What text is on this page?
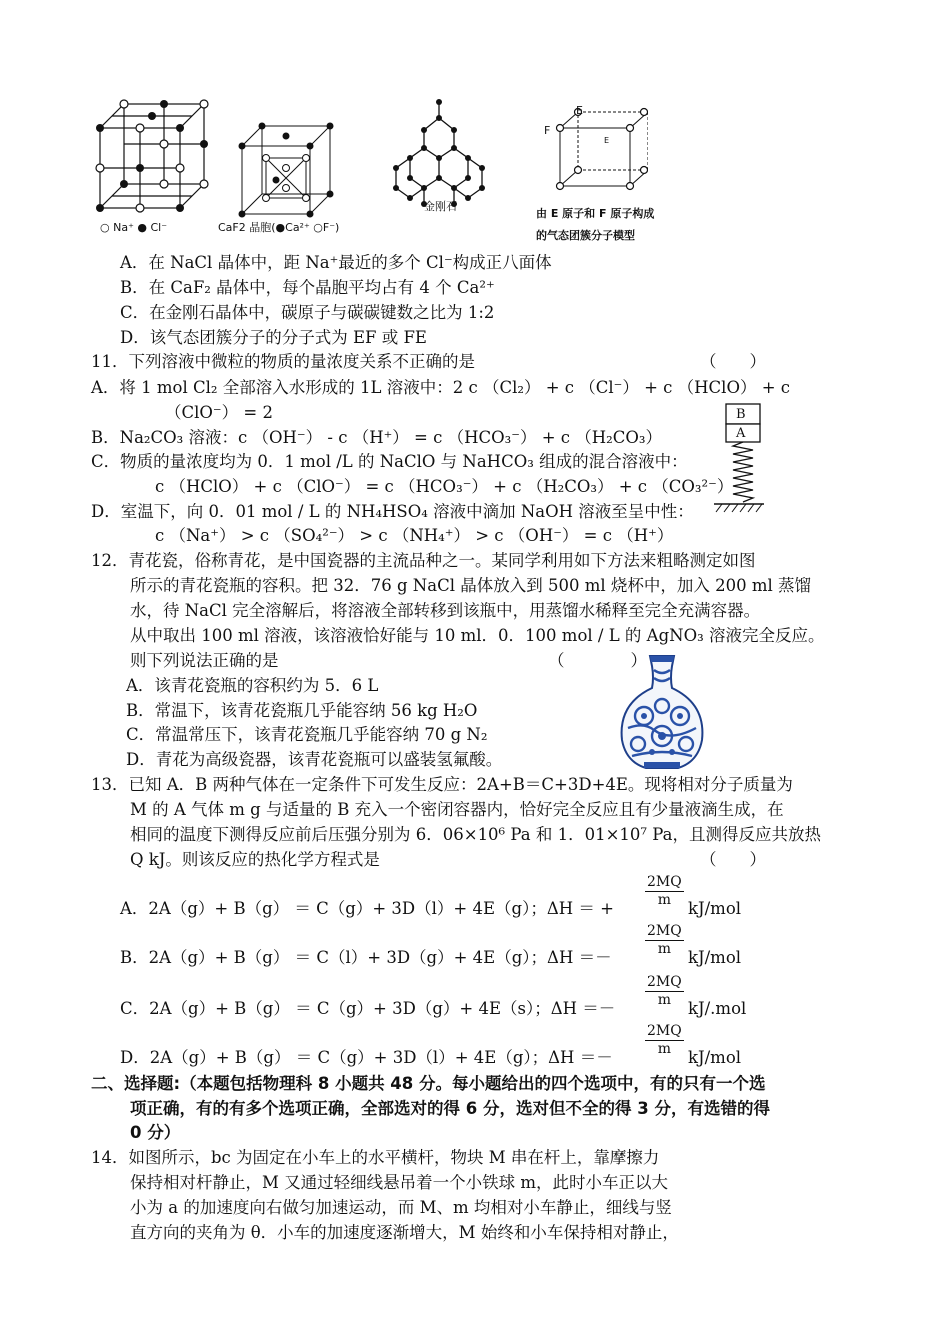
○ Na⁺ ● Cl⁻	CaF2 晶胞(●Ca²⁺ ○F⁻)
金刚石
E
F
E
由 E 原子和 F 原子构成
的气态团簇分子模型
A．在 NaCl 晶体中，距 Na⁺最近的多个 Cl⁻构成正八面体
B．在 CaF₂ 晶体中，每个晶胞平均占有 4 个 Ca²⁺
C．在金刚石晶体中，碳原子与碳碳键数之比为 1:2
D．该气态团簇分子的分子式为 EF 或 FE
11．下列溶液中微粒的物质的量浓度关系不正确的是	（　　）
A．将 1 mol Cl₂ 全部溶入水形成的 1L 溶液中：2 c （Cl₂） + c （Cl⁻） + c （HClO） + c
（ClO⁻） = 2
B．Na₂CO₃ 溶液：c （OH⁻） - c （H⁺） = c （HCO₃⁻） + c （H₂CO₃）
C．物质的量浓度均为 0．1 mol /L 的 NaClO 与 NaHCO₃ 组成的混合溶液中：
c （HClO） + c （ClO⁻） = c （HCO₃⁻） + c （H₂CO₃） + c （CO₃²⁻）
D．室温下，向 0．01 mol / L 的 NH₄HSO₄ 溶液中滴加 NaOH 溶液至呈中性：
c （Na⁺） > c （SO₄²⁻） > c （NH₄⁺） > c （OH⁻） = c （H⁺）
B
A
12．青花瓷，俗称青花，是中国瓷器的主流品种之一。某同学利用如下方法来粗略测定如图
所示的青花瓷瓶的容积。把 32．76 g NaCl 晶体放入到 500 ml 烧杯中，加入 200 ml 蒸馏
水，待 NaCl 完全溶解后，将溶液全部转移到该瓶中，用蒸馏水稀释至完全充满容器。
从中取出 100 ml 溶液，该溶液恰好能与 10 ml．0．100 mol / L 的 AgNO₃ 溶液完全反应。
则下列说法正确的是	（　　　　）
A．该青花瓷瓶的容积约为 5．6 L
B．常温下，该青花瓷瓶几乎能容纳 56 kg H₂O
C．常温常压下，该青花瓷瓶几乎能容纳 70 g N₂
D．青花为高级瓷器，该青花瓷瓶可以盛装氢氟酸。
13．已知 A．B 两种气体在一定条件下可发生反应：2A+B＝C+3D+4E。现将相对分子质量为
M 的 A 气体 m g 与适量的 B 充入一个密闭容器内，恰好完全反应且有少量液滴生成，在
相同的温度下测得反应前后压强分别为 6．06×10⁶ Pa 和 1．01×10⁷ Pa，且测得反应共放热
Q kJ。则该反应的热化学方程式是	（　　）
A．2A（g）+ B（g） ＝ C（g）+ 3D（l）+ 4E（g）；ΔH ＝ + $\frac{2MQ}{m} kJ/mol$
B．2A（g）+ B（g） ＝ C（l）+ 3D（g）+ 4E（g）；$\Delta H =- \frac{2MQ}{m} kJ/mol$
C．2A（g）+ B（g） ＝ C（g）+ 3D（g）+ 4E（s）；$\Delta H =- \frac{2MQ}{m} kJ/.mol$
D．2A（g）+ B（g） ＝ C（g）+ 3D（l）+ 4E（g）；$\Delta H =- \frac{2MQ}{m} kJ/mol$
二、选择题:（本题包括物理科 8 小题共 48 分。每小题给出的四个选项中，有的只有一个选
项正确，有的有多个选项正确，全部选对的得 6 分，选对但不全的得 3 分，有选错的得
0 分）
14．如图所示，bc 为固定在小车上的水平横杆，物块 M 串在杆上，靠摩擦力
保持相对杆静止，M 又通过轻细线悬吊着一个小铁球 m，此时小车正以大
小为 a 的加速度向右做匀加速运动，而 M、m 均相对小车静止，细线与竖
直方向的夹角为 θ．小车的加速度逐渐增大，M 始终和小车保持相对静止，
